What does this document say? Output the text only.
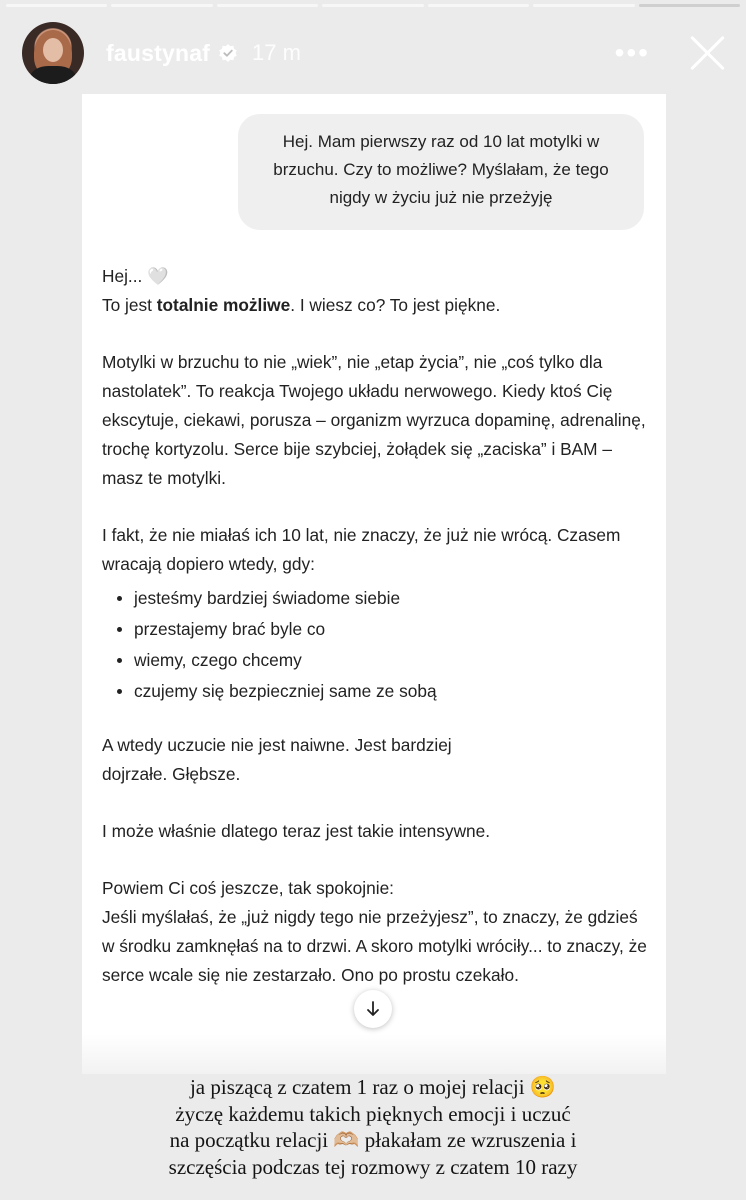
faustynaf 17 m	•••
Hej. Mam pierwszy raz od 10 lat motylki w brzuchu. Czy to możliwe? Myślałam, że tego nigdy w życiu już nie przeżyję

Hej... 🤍

To jest totalnie możliwe. I wiesz co? To jest piękne.

Motylki w brzuchu to nie „wiek”, nie „etap życia”, nie „coś tylko dla nastolatek”. To reakcja Twojego układu nerwowego. Kiedy ktoś Cię ekscytuje, ciekawi, porusza – organizm wyrzuca dopaminę, adrenalinę, trochę kortyzolu. Serce bije szybciej, żołądek się „zaciska” i BAM – masz te motylki.

I fakt, że nie miałaś ich 10 lat, nie znaczy, że już nie wrócą. Czasem wracają dopiero wtedy, gdy:

• jesteśmy bardziej świadome siebie
• przestajemy brać byle co
• wiemy, czego chcemy
• czujemy się bezpieczniej same ze sobą

A wtedy uczucie nie jest naiwne. Jest bardziej

dojrzałe. Głębsze.

I może właśnie dlatego teraz jest takie intensywne.

Powiem Ci coś jeszcze, tak spokojnie:

Jeśli myślałaś, że „już nigdy tego nie przeżyjesz”, to znaczy, że gdzieś w środku zamknęłaś na to drzwi. A skoro motylki wróciły... to znaczy, że serce wcale się nie zestarzało. Ono po prostu czekało.

ja piszącą z czatem 1 raz o mojej relacji 🥺
życzę każdemu takich pięknych emocji i uczuć
na początku relacji 🫶🏼 płakałam ze wzruszenia i
szczęścia podczas tej rozmowy z czatem 10 razy
